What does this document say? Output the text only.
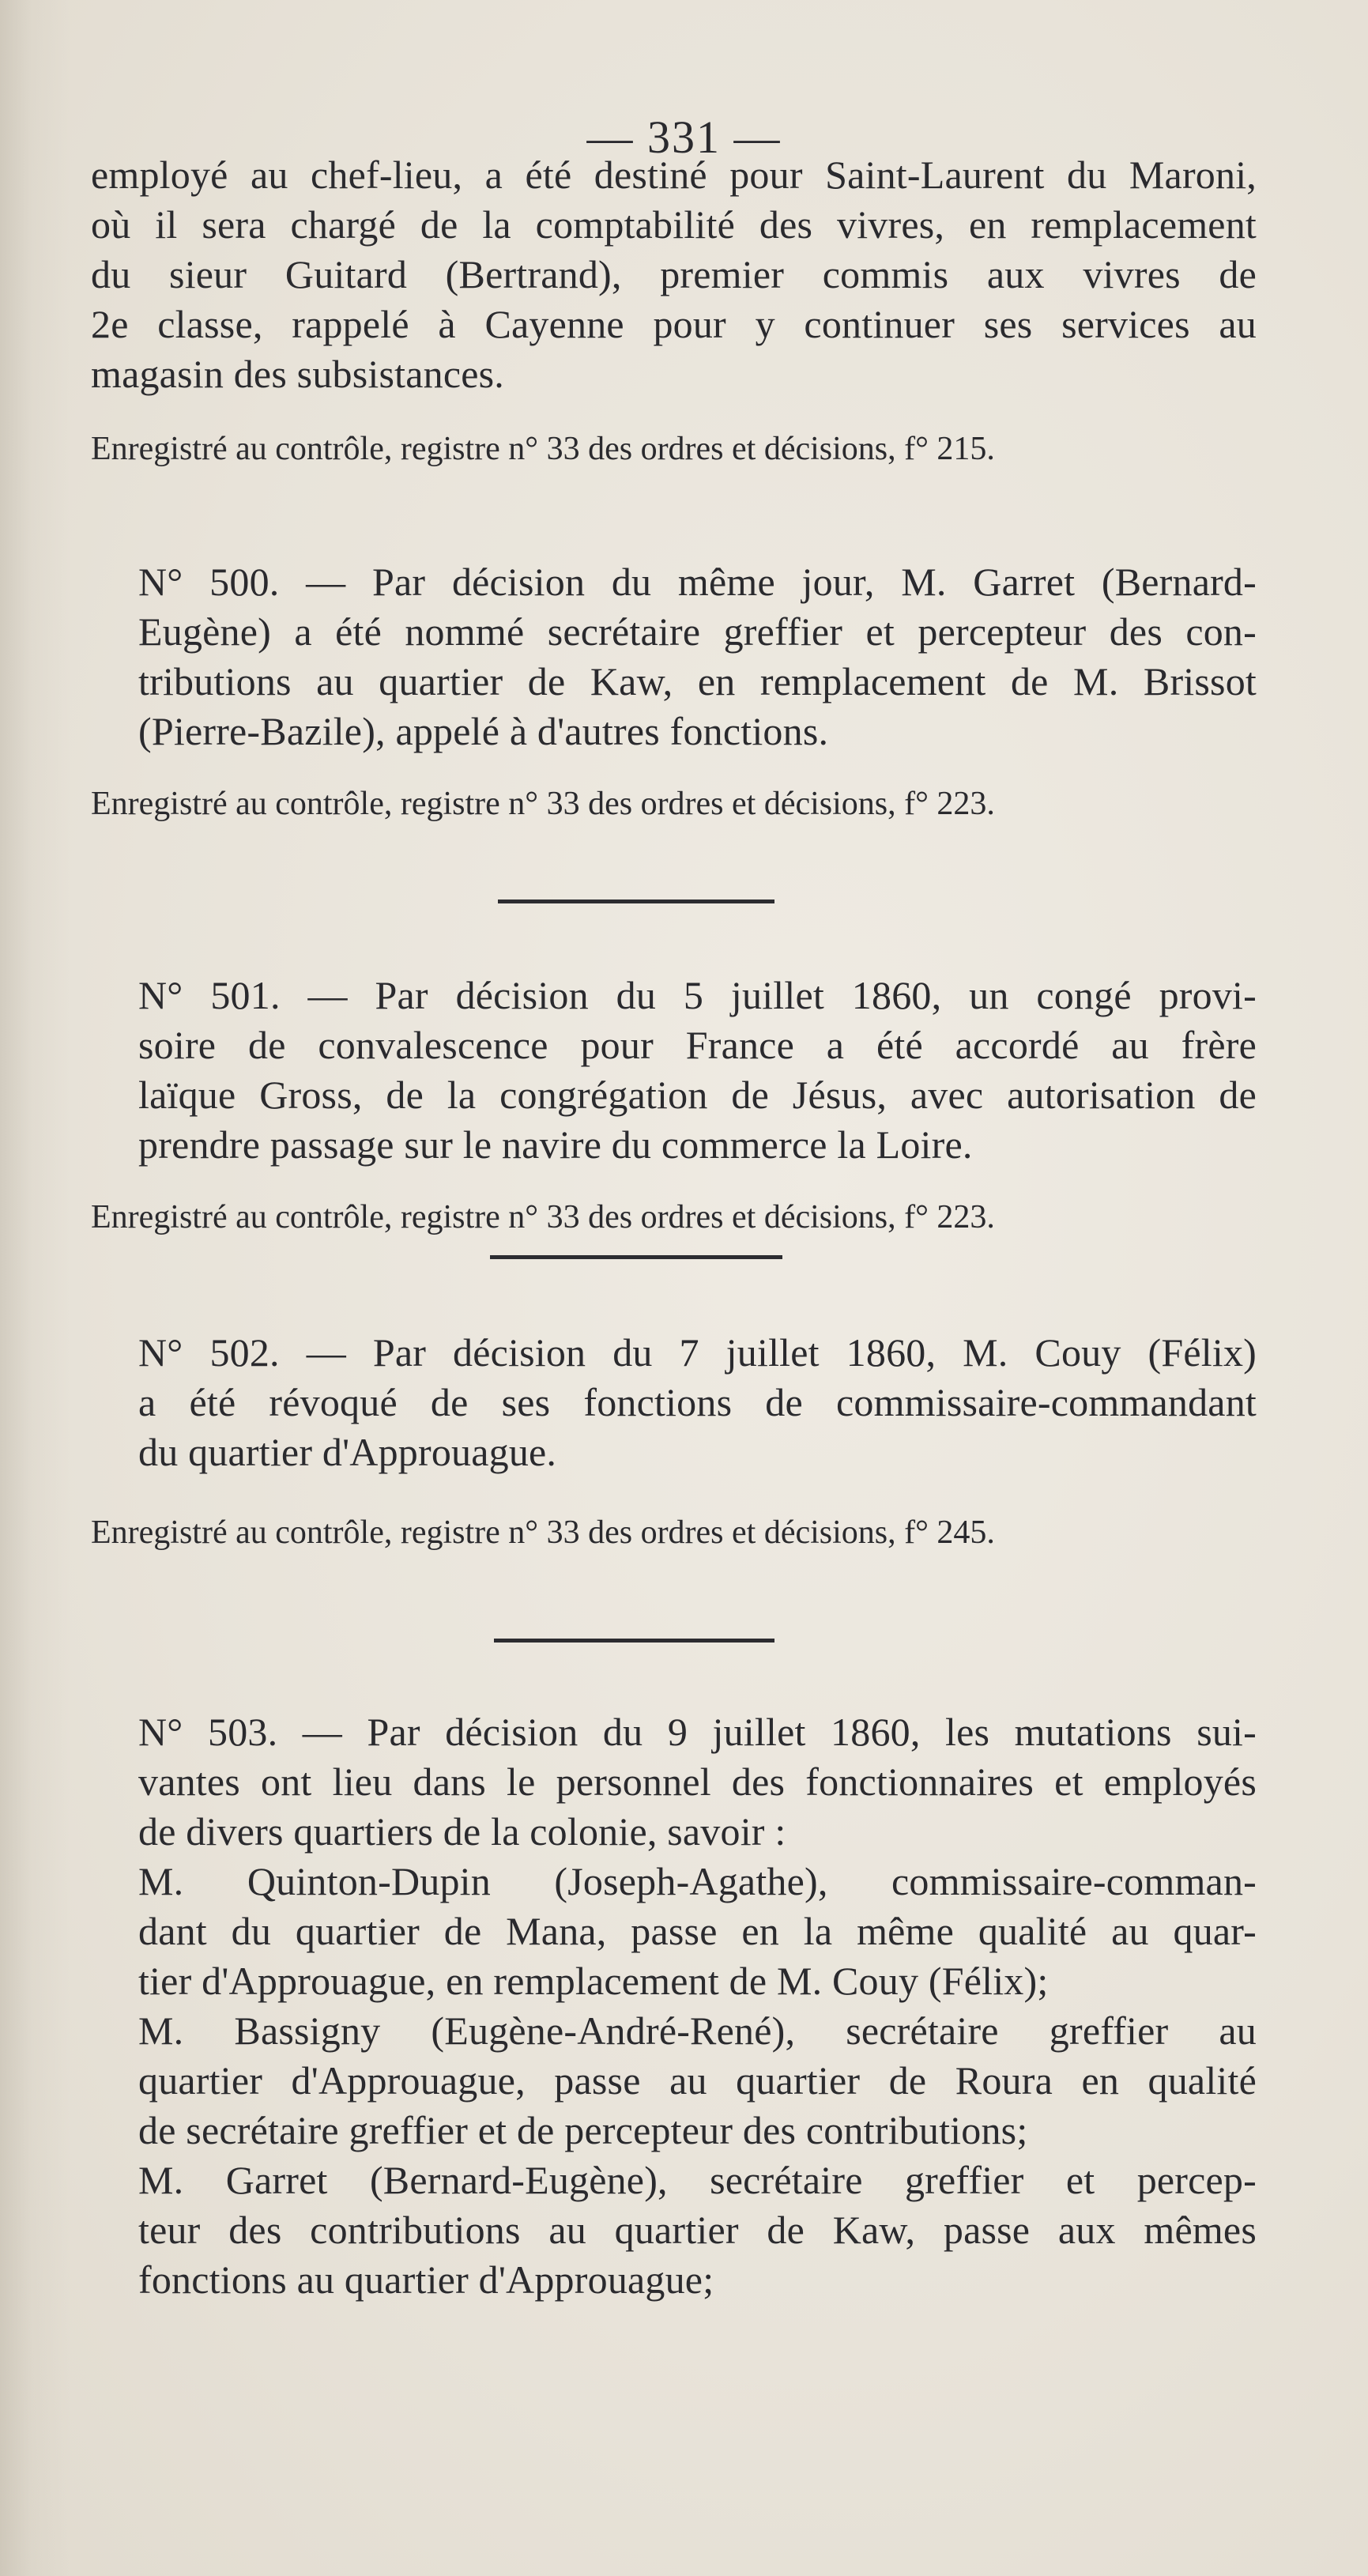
— 331 —

employé au chef-lieu, a été destiné pour Saint-Laurent du Maroni,
où il sera chargé de la comptabilité des vivres, en remplacement
du sieur Guitard (Bertrand), premier commis aux vivres de
2e classe, rappelé à Cayenne pour y continuer ses services au
magasin des subsistances.

Enregistré au contrôle, registre n° 33 des ordres et décisions, f° 215.

N° 500. — Par décision du même jour, M. Garret (Bernard-
Eugène) a été nommé secrétaire greffier et percepteur des con-
tributions au quartier de Kaw, en remplacement de M. Brissot
(Pierre-Bazile), appelé à d'autres fonctions.

Enregistré au contrôle, registre n° 33 des ordres et décisions, f° 223.

N° 501. — Par décision du 5 juillet 1860, un congé provi-
soire de convalescence pour France a été accordé au frère
laïque Gross, de la congrégation de Jésus, avec autorisation de
prendre passage sur le navire du commerce la Loire.

Enregistré au contrôle, registre n° 33 des ordres et décisions, f° 223.

N° 502. — Par décision du 7 juillet 1860, M. Couy (Félix)
a été révoqué de ses fonctions de commissaire-commandant
du quartier d'Approuague.

Enregistré au contrôle, registre n° 33 des ordres et décisions, f° 245.

N° 503. — Par décision du 9 juillet 1860, les mutations sui-
vantes ont lieu dans le personnel des fonctionnaires et employés
de divers quartiers de la colonie, savoir :

M. Quinton-Dupin (Joseph-Agathe), commissaire-comman-
dant du quartier de Mana, passe en la même qualité au quar-
tier d'Approuague, en remplacement de M. Couy (Félix);

M. Bassigny (Eugène-André-René), secrétaire greffier au
quartier d'Approuague, passe au quartier de Roura en qualité
de secrétaire greffier et de percepteur des contributions;

M. Garret (Bernard-Eugène), secrétaire greffier et percep-
teur des contributions au quartier de Kaw, passe aux mêmes
fonctions au quartier d'Approuague;
